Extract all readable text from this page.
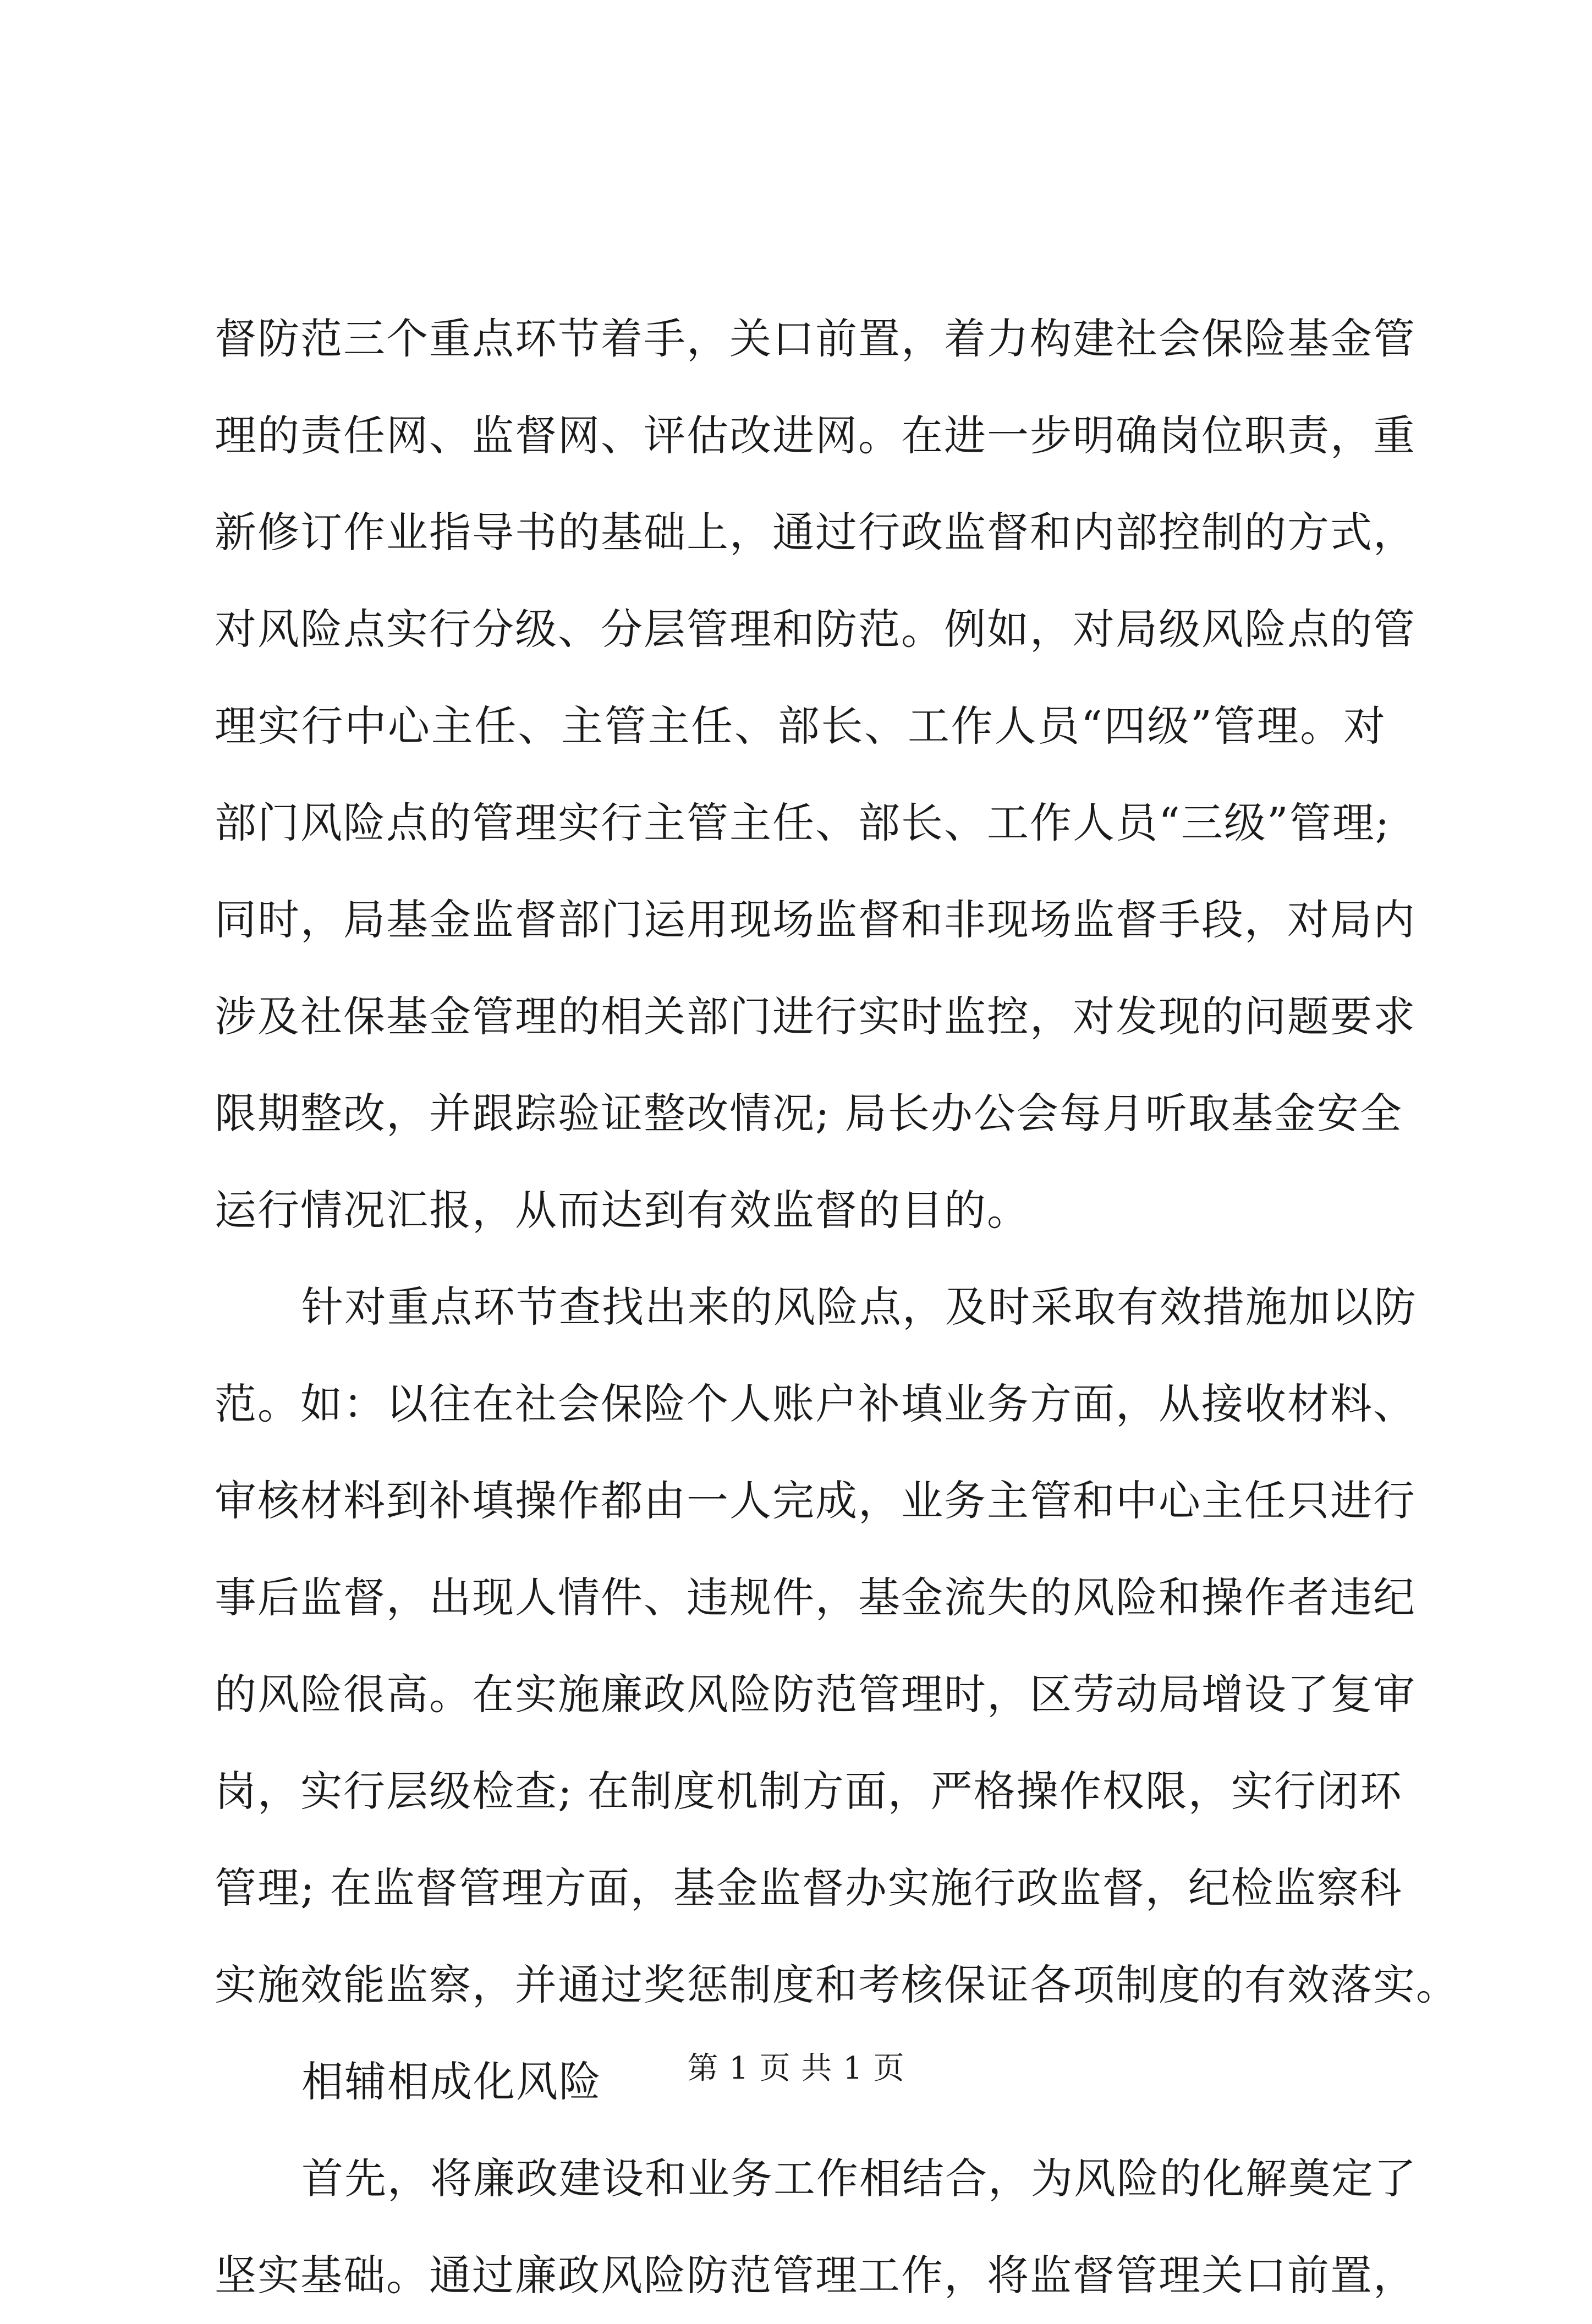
督防范三个重点环节着手，关口前置，着力构建社会保险基金管
理的责任网、监督网、评估改进网。在进一步明确岗位职责，重
新修订作业指导书的基础上，通过行政监督和内部控制的方式，
对风险点实行分级、分层管理和防范。例如，对局级风险点的管
理实行中心主任、主管主任、部长、工作人员“四级”管理。对
部门风险点的管理实行主管主任、部长、工作人员“三级”管理;
同时，局基金监督部门运用现场监督和非现场监督手段，对局内
涉及社保基金管理的相关部门进行实时监控，对发现的问题要求
限期整改，并跟踪验证整改情况; 局长办公会每月听取基金安全
运行情况汇报，从而达到有效监督的目的。
针对重点环节查找出来的风险点，及时采取有效措施加以防
范。如：以往在社会保险个人账户补填业务方面，从接收材料、
审核材料到补填操作都由一人完成，业务主管和中心主任只进行
事后监督，出现人情件、违规件，基金流失的风险和操作者违纪
的风险很高。在实施廉政风险防范管理时，区劳动局增设了复审
岗，实行层级检查; 在制度机制方面，严格操作权限，实行闭环
管理; 在监督管理方面，基金监督办实施行政监督，纪检监察科
实施效能监察，并通过奖惩制度和考核保证各项制度的有效落实。
相辅相成化风险
首先，将廉政建设和业务工作相结合，为风险的化解奠定了
坚实基础。通过廉政风险防范管理工作，将监督管理关口前置，
第 1 页 共 1 页
